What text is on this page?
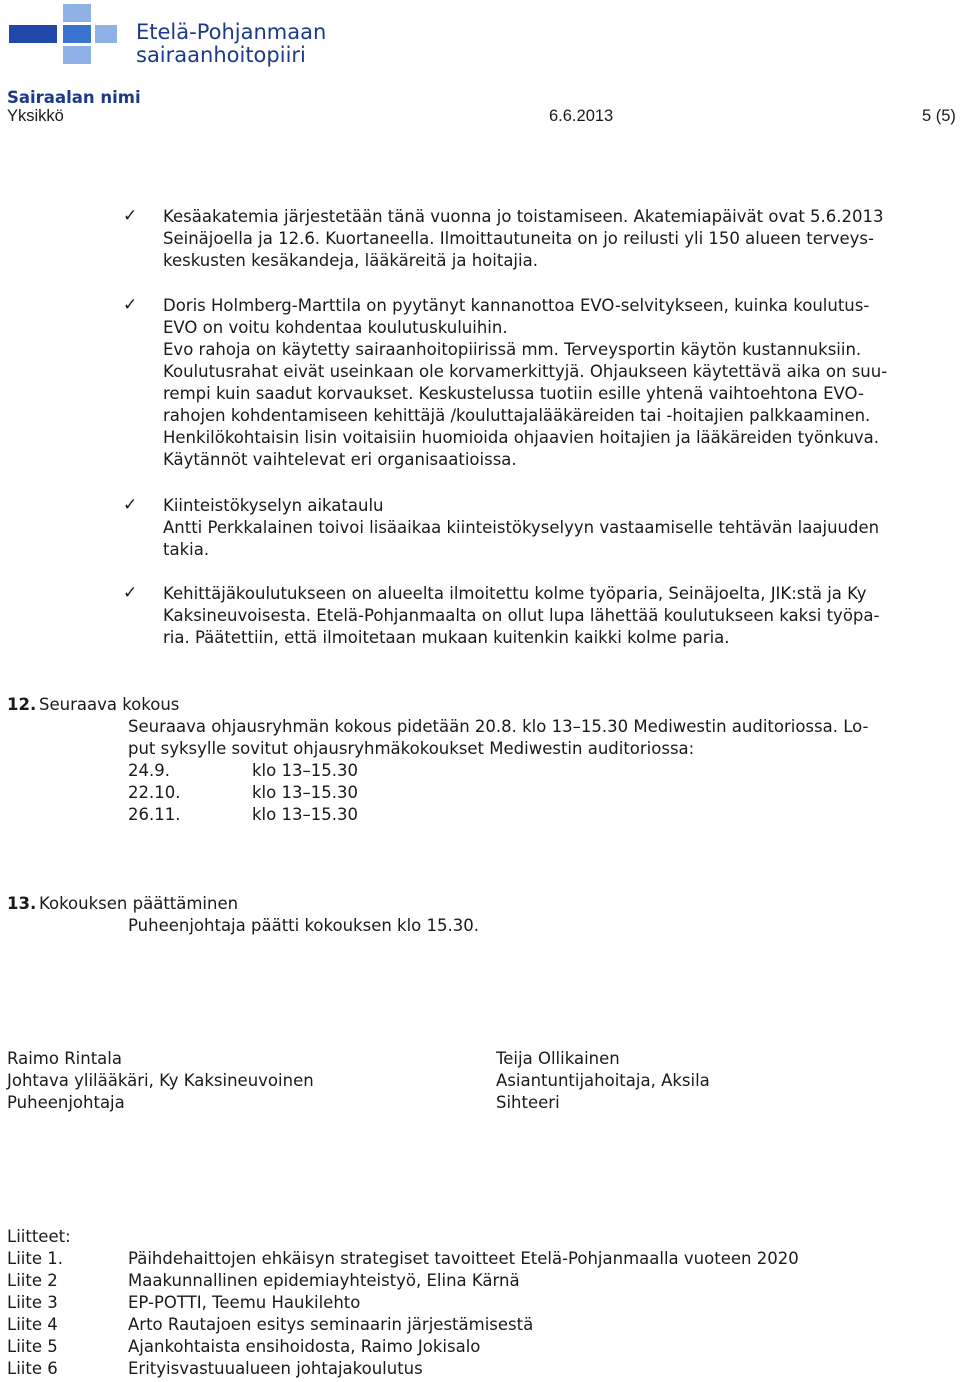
Etelä-Pohjanmaan
sairaanhoitopiiri
Sairaalan nimi
Yksikkö	6.6.2013	5 (5)
✓ Kesäakatemia järjestetään tänä vuonna jo toistamiseen. Akatemiapäivät ovat 5.6.2013
Seinäjoella ja 12.6. Kuortaneella. Ilmoittautuneita on jo reilusti yli 150 alueen terveys-
keskusten kesäkandeja, lääkäreitä ja hoitajia.
✓ Doris Holmberg-Marttila on pyytänyt kannanottoa EVO-selvitykseen, kuinka koulutus-
EVO on voitu kohdentaa koulutuskuluihin.
Evo rahoja on käytetty sairaanhoitopiirissä mm. Terveysportin käytön kustannuksiin.
Koulutusrahat eivät useinkaan ole korvamerkittyjä. Ohjaukseen käytettävä aika on suu-
rempi kuin saadut korvaukset. Keskustelussa tuotiin esille yhtenä vaihtoehtona EVO-
rahojen kohdentamiseen kehittäjä /kouluttajalääkäreiden tai -hoitajien palkkaaminen.
Henkilökohtaisin lisin voitaisiin huomioida ohjaavien hoitajien ja lääkäreiden työnkuva.
Käytännöt vaihtelevat eri organisaatioissa.
✓ Kiinteistökyselyn aikataulu
Antti Perkkalainen toivoi lisäaikaa kiinteistökyselyyn vastaamiselle tehtävän laajuuden
takia.
✓ Kehittäjäkoulutukseen on alueelta ilmoitettu kolme työparia, Seinäjoelta, JIK:stä ja Ky
Kaksineuvoisesta. Etelä-Pohjanmaalta on ollut lupa lähettää koulutukseen kaksi työpa-
ria. Päätettiin, että ilmoitetaan mukaan kuitenkin kaikki kolme paria.
12. Seuraava kokous
Seuraava ohjausryhmän kokous pidetään 20.8. klo 13–15.30 Mediwestin auditoriossa. Lo-
put syksylle sovitut ohjausryhmäkokoukset Mediwestin auditoriossa:
24.9.	klo 13–15.30
22.10.	klo 13–15.30
26.11.	klo 13–15.30
13. Kokouksen päättäminen
Puheenjohtaja päätti kokouksen klo 15.30.
Raimo Rintala
Johtava ylilääkäri, Ky Kaksineuvoinen
Puheenjohtaja
Teija Ollikainen
Asiantuntijahoitaja, Aksila
Sihteeri
Liitteet:
Liite 1.	Päihdehaittojen ehkäisyn strategiset tavoitteet Etelä-Pohjanmaalla vuoteen 2020
Liite 2	Maakunnallinen epidemiayhteistyö, Elina Kärnä
Liite 3	EP-POTTI, Teemu Haukilehto
Liite 4	Arto Rautajoen esitys seminaarin järjestämisestä
Liite 5	Ajankohtaista ensihoidosta, Raimo Jokisalo
Liite 6	Erityisvastuualueen johtajakoulutus
